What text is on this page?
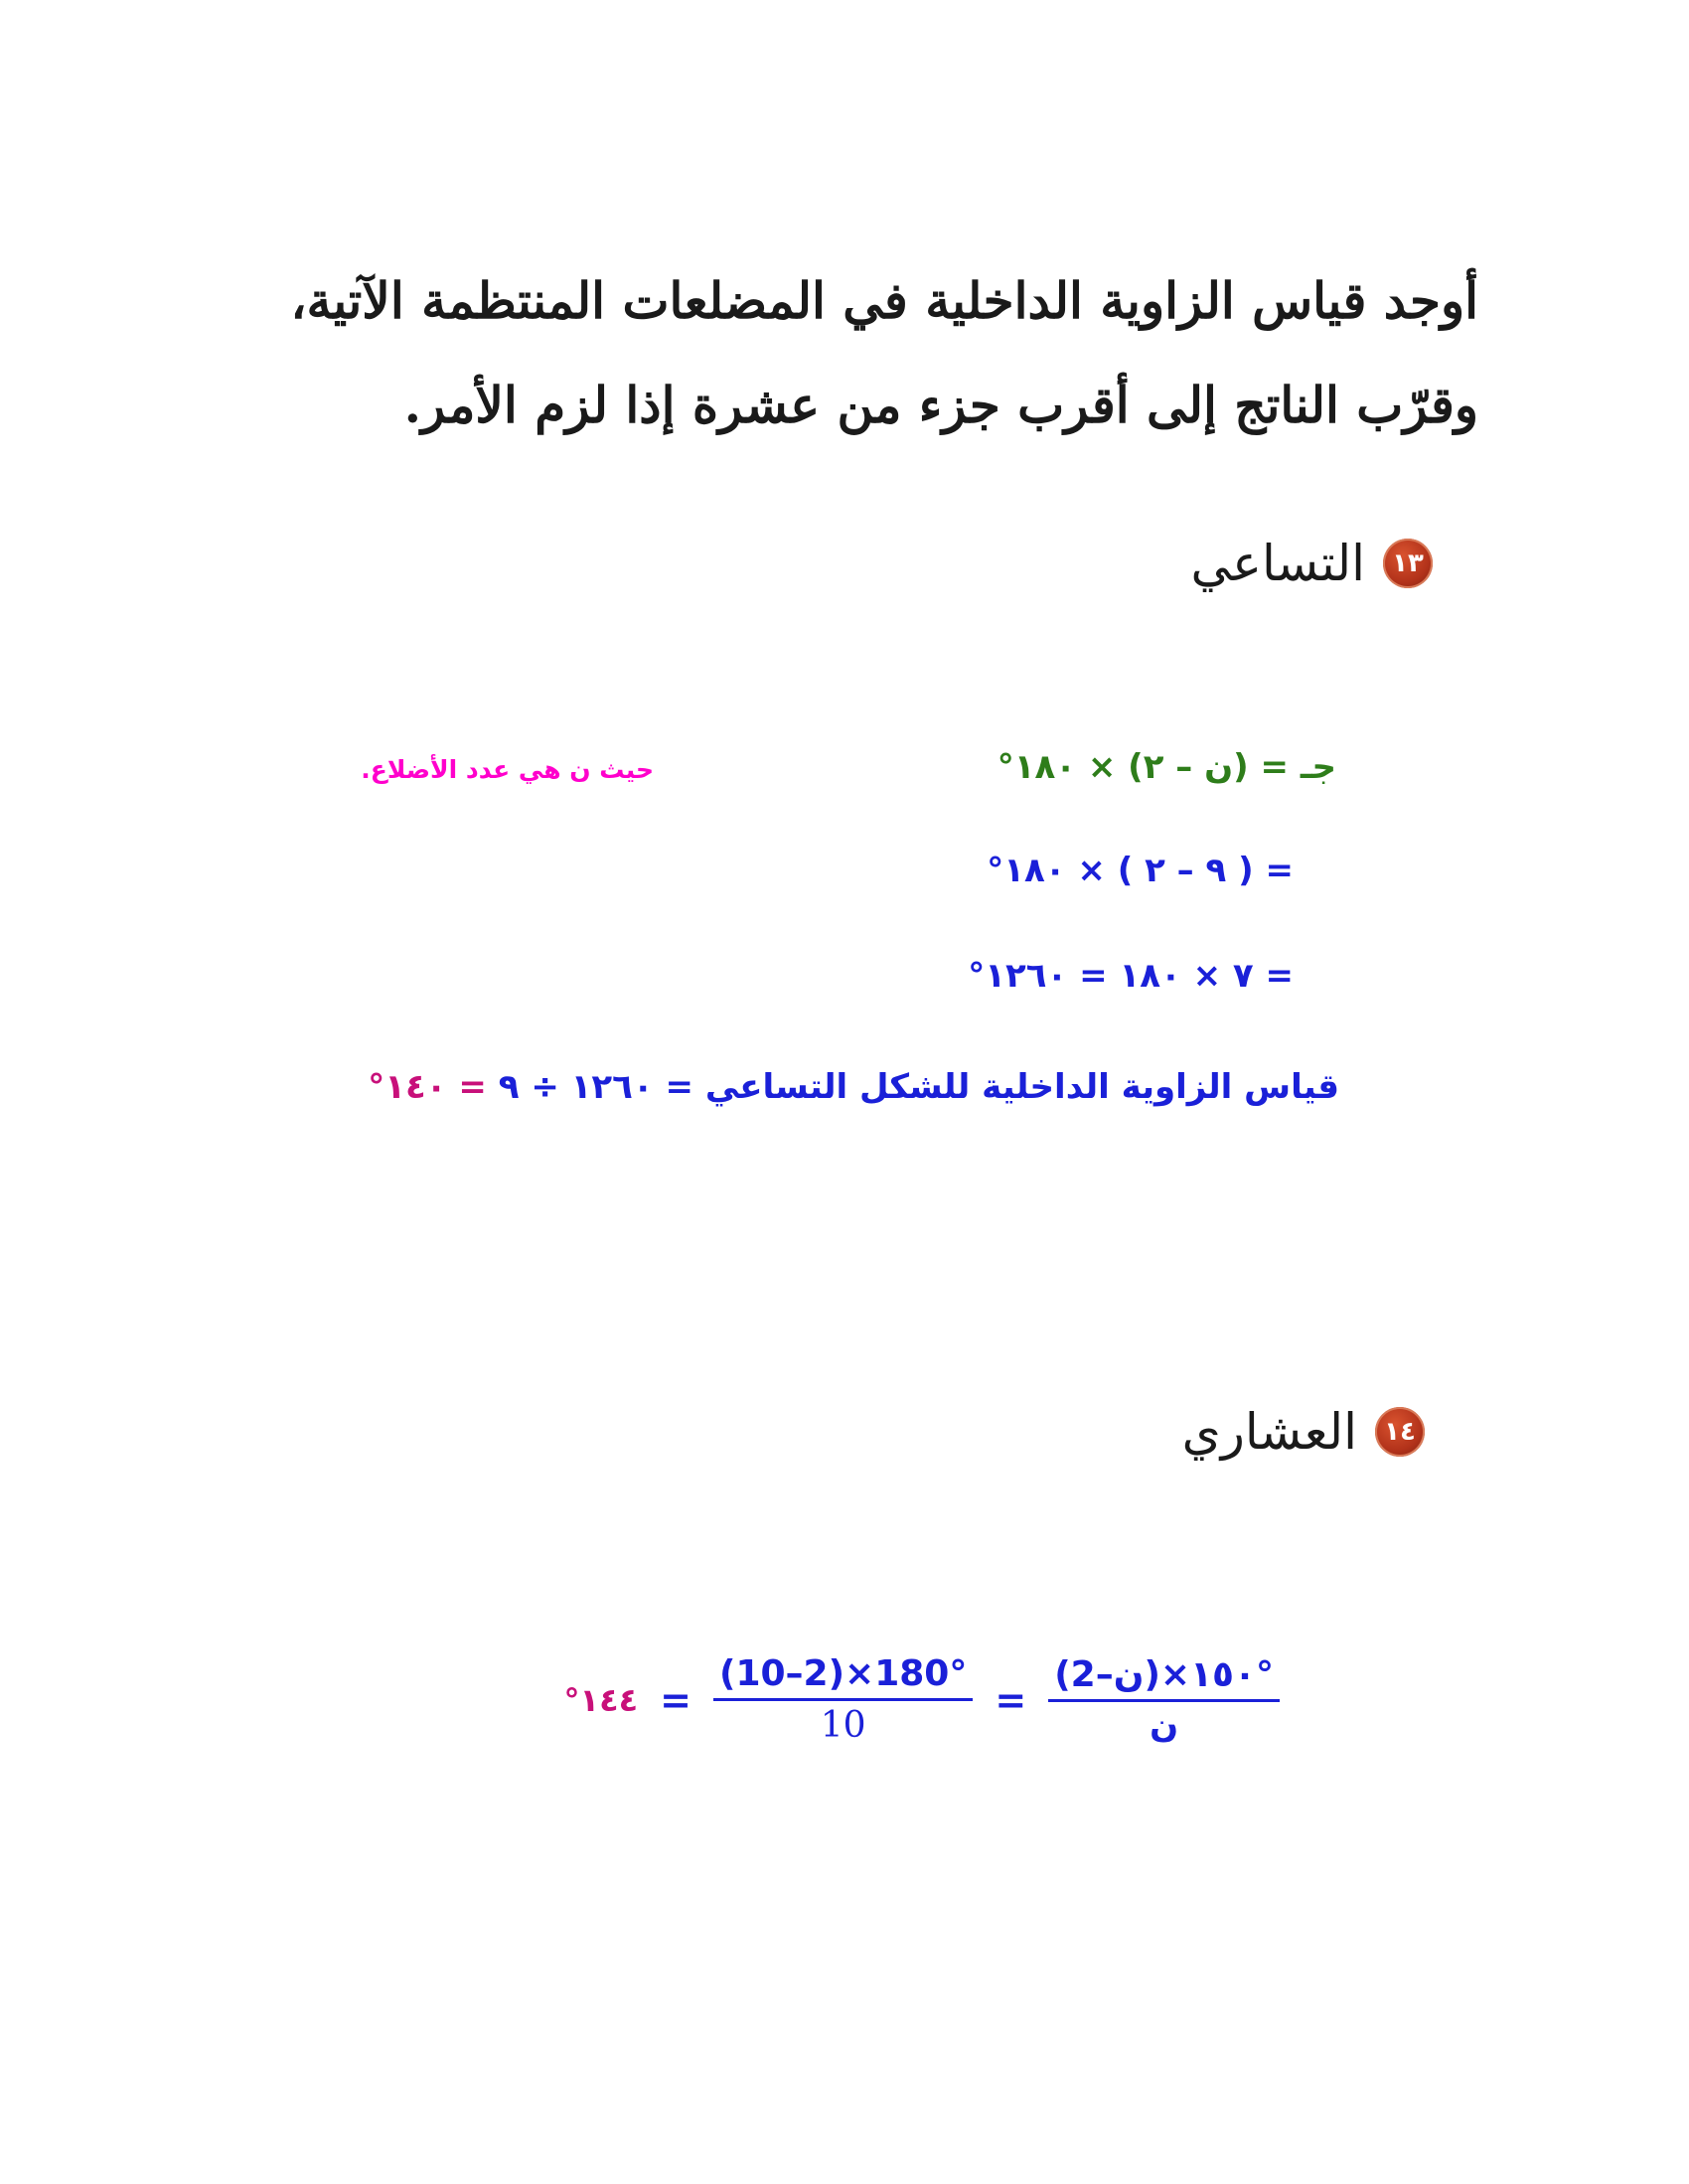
أوجد قياس الزاوية الداخلية في المضلعات المنتظمة الآتية، وقرّب الناتج إلى أقرب جزء من عشرة إذا لزم الأمر.
١٣
التساعي
جـ = (ن – ٢) × ١٨٠°
حيث ن هي عدد الأضلاع.
= ( ٩ – ٢ ) × ١٨٠°
= ٧ × ١٨٠ = ١٢٦٠°
قياس الزاوية الداخلية للشكل التساعي = ١٢٦٠ ÷ ٩ = ١٤٠°
١٤
العشاري
$\frac{\text{(ن–2)×١٥٠°}}{\text{ن}}$
=
$\frac{(10-2)\times 180^\circ}{10}$
=
١٤٤°
